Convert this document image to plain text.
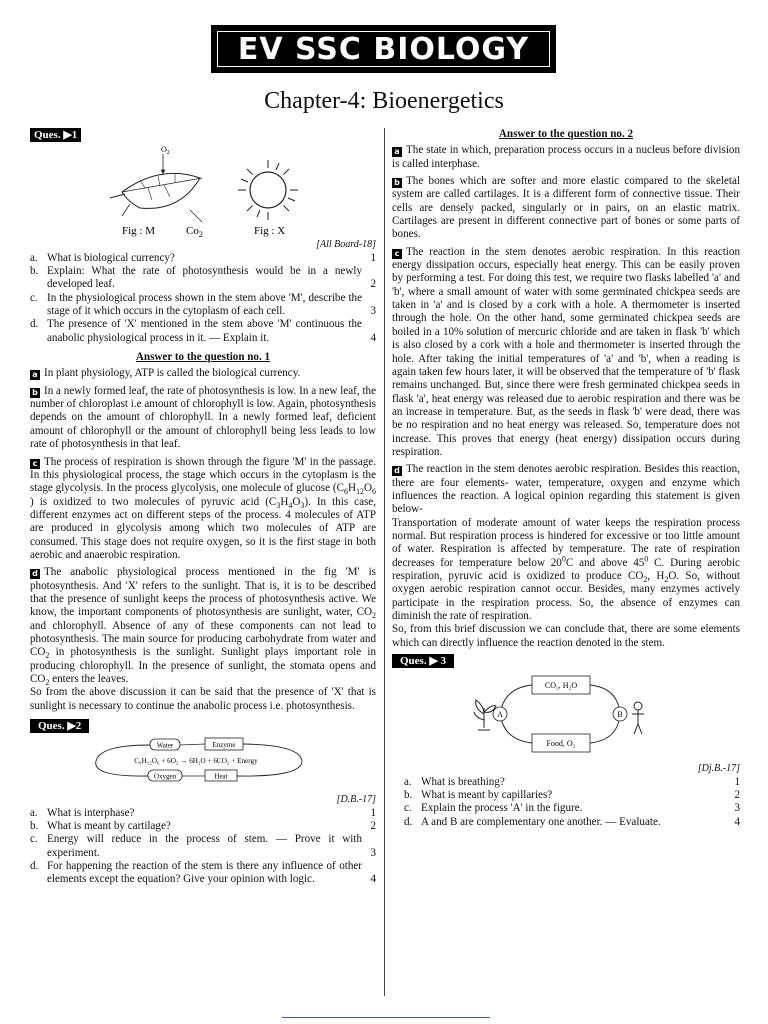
EV SSC BIOLOGY
Chapter-4: Bioenergetics
Ques. ▶1
$O_2$
Fig : M	$Co_2$	Fig : X

[All Board-18]

a. What is biological currency?	1
b. Explain: What the rate of photosynthesis would be in a newly developed leaf.	2
c. In the physiological process shown in the stem above 'M', describe the stage of it which occurs in the cytoplasm of each cell.	3
d. The presence of 'X' mentioned in the stem above 'M' continuous the anabolic physiological process in it. — Explain it.	4
Answer to the question no. 1

a In plant physiology, ATP is called the biological currency.

b In a newly formed leaf, the rate of photosynthesis is low. In a new leaf, the number of chloroplast i.e amount of chlorophyll is low. Again, photosynthesis depends on the amount of chlorophyll. In a newly formed leaf, deficient amount of chlorophyll or the amount of chlorophyll being less leads to low rate of photosynthesis in that leaf.

c The process of respiration is shown through the figure 'M' in the passage. In this physiological process, the stage which occurs in the cytoplasm is the stage glycolysis. In the process glycolysis, one molecule of glucose ($C_6H_{12}O_6$ ) is oxidized to two molecules of pyruvic acid $(C_3H_4O_3)$. In this case, different enzymes act on different steps of the process. 4 molecules of ATP are produced in glycolysis among which two molecules of ATP are consumed. This stage does not require oxygen, so it is the first stage in both aerobic and anaerobic respiration.

d The anabolic physiological process mentioned in the fig 'M' is photosynthesis. And 'X' refers to the sunlight. That is, it is to be described that the presence of sunlight keeps the process of photosynthesis active. We know, the important components of photosynthesis are sunlight, water, $CO_2$ and chlorophyll. Absence of any of these components can not lead to photosynthesis. The main source for producing carbohydrate from water and $CO_2$ in photosynthesis is the sunlight. Sunlight plays important role in producing chlorophyll. In the presence of sunlight, the stomata opens and $CO_2$ enters the leaves.

So from the above discussion it can be said that the presence of 'X' that is sunlight is necessary to continue the anabolic process i.e. photosynthesis.

Ques. ▶2
Water	Enzyme
C₆H₁₂O₆ + 6O₂ → 6H₂O + 6CO₂ + Energy
Oxygen	Heat

[D.B.-17]

a. What is interphase?	1
b. What is meant by cartilage?	2
c. Energy will reduce in the process of stem. — Prove it with experiment.	3
d. For happening the reaction of the stem is there any influence of other elements except the equation? Give your opinion with logic.	4
Answer to the question no. 2

a The state in which, preparation process occurs in a nucleus before division is called interphase.

b The bones which are softer and more elastic compared to the skeletal system are called cartilages. It is a different form of connective tissue. Their cells are densely packed, singularly or in pairs, on an elastic matrix. Cartilages are present in different connective part of bones or some parts of bones.

c The reaction in the stem denotes aerobic respiration. In this reaction energy dissipation occurs, especially heat energy. This can be easily proven by performing a test. For doing this test, we require two flasks labelled 'a' and 'b', where a small amount of water with some germinated chickpea seeds are taken in 'a' and is closed by a cork with a hole. A thermometer is inserted through the hole. On the other hand, some germinated chickpea seeds are boiled in a 10% solution of mercuric chloride and are taken in flask 'b' which is also closed by a cork with a hole and thermometer is inserted through the hole. After taking the initial temperatures of 'a' and 'b', when a reading is again taken few hours later, it will be observed that the temperature of 'b' flask remains unchanged. But, since there were fresh germinated chickpea seeds in flask 'a', heat energy was released due to aerobic respiration and there was be an increase in temperature. But, as the seeds in flask 'b' were dead, there was be no respiration and no heat energy was released. So, temperature does not increase. This proves that energy (heat energy) dissipation occurs during respiration.

d The reaction in the stem denotes aerobic respiration. Besides this reaction, there are four elements- water, temperature, oxygen and enzyme which influences the reaction. A logical opinion regarding this statement is given below-

Transportation of moderate amount of water keeps the respiration process normal. But respiration process is hindered for excessive or too little amount of water. Respiration is affected by temperature. The rate of respiration decreases for temperature below $20^0C$ and above $45^0$ C. During aerobic respiration, pyruvic acid is oxidized to produce $CO_2$, $H_2O$. So, without oxygen aerobic respiration cannot occur. Besides, many enzymes actively participate in the respiration process. So, the absence of enzymes can diminish the rate of respiration.

So, from this brief discussion we can conclude that, there are some elements which can directly influence the reaction denoted in the stem.

Ques. ▶ 3
CO₂, H₂O
Food, O₂
A	B

[Dj.B.-17]

a. What is breathing?	1
b. What is meant by capillaries?	2
c. Explain the process 'A' in the figure.	3
d. A and B are complementary one another. — Evaluate.	4
